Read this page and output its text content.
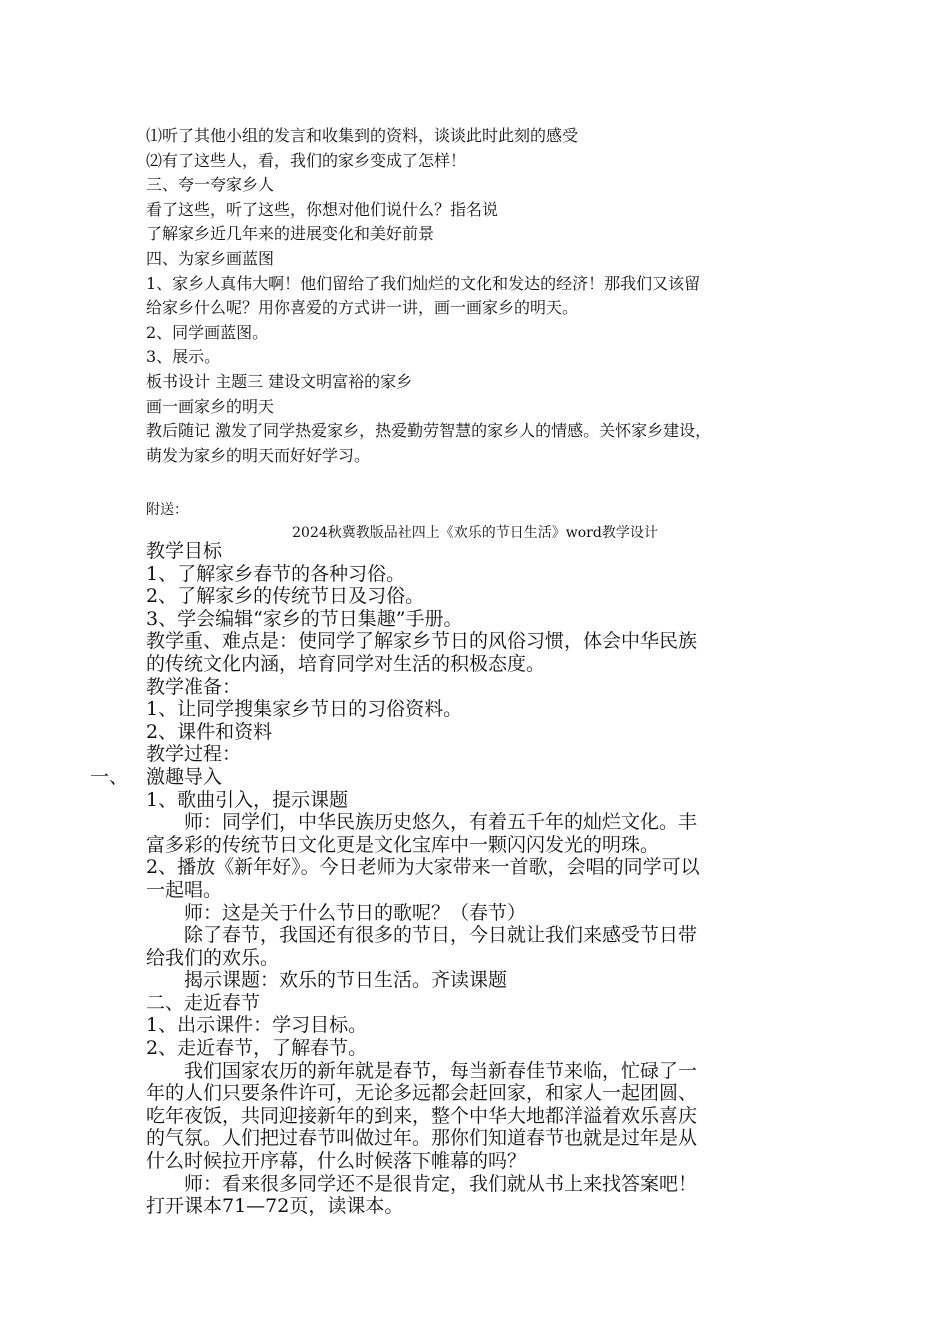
⑴听了其他小组的发言和收集到的资料，谈谈此时此刻的感受

⑵有了这些人，看，我们的家乡变成了怎样！

三、夸一夸家乡人

看了这些，听了这些，你想对他们说什么？指名说

了解家乡近几年来的进展变化和美好前景

四、为家乡画蓝图

1、家乡人真伟大啊！他们留给了我们灿烂的文化和发达的经济！那我们又该留

给家乡什么呢？用你喜爱的方式讲一讲，画一画家乡的明天。

2、同学画蓝图。

3、展示。

板书设计 主题三 建设文明富裕的家乡

画一画家乡的明天

教后随记 激发了同学热爱家乡，热爱勤劳智慧的家乡人的情感。关怀家乡建设，

萌发为家乡的明天而好好学习。

附送：
2024秋冀教版品社四上《欢乐的节日生活》word教学设计

教学目标

1、了解家乡春节的各种习俗。

2、了解家乡的传统节日及习俗。

3、学会编辑“家乡的节日集趣”手册。

教学重、难点是：使同学了解家乡节日的风俗习惯，体会中华民族

的传统文化内涵，培育同学对生活的积极态度。

教学准备：

1、让同学搜集家乡节日的习俗资料。

2、课件和资料

教学过程：

一、 激趣导入

1、歌曲引入，提示课题

师：同学们，中华民族历史悠久，有着五千年的灿烂文化。丰

富多彩的传统节日文化更是文化宝库中一颗闪闪发光的明珠。

2、播放《新年好》。今日老师为大家带来一首歌，会唱的同学可以

一起唱。

师：这是关于什么节日的歌呢？（春节）

除了春节，我国还有很多的节日，今日就让我们来感受节日带

给我们的欢乐。

揭示课题：欢乐的节日生活。齐读课题

二、走近春节

1、出示课件：学习目标。

2、走近春节，了解春节。

我们国家农历的新年就是春节，每当新春佳节来临，忙碌了一

年的人们只要条件许可，无论多远都会赶回家，和家人一起团圆、

吃年夜饭，共同迎接新年的到来，整个中华大地都洋溢着欢乐喜庆

的气氛。人们把过春节叫做过年。那你们知道春节也就是过年是从

什么时候拉开序幕，什么时候落下帷幕的吗？

师：看来很多同学还不是很肯定，我们就从书上来找答案吧！

打开课本71—72页，读课本。
